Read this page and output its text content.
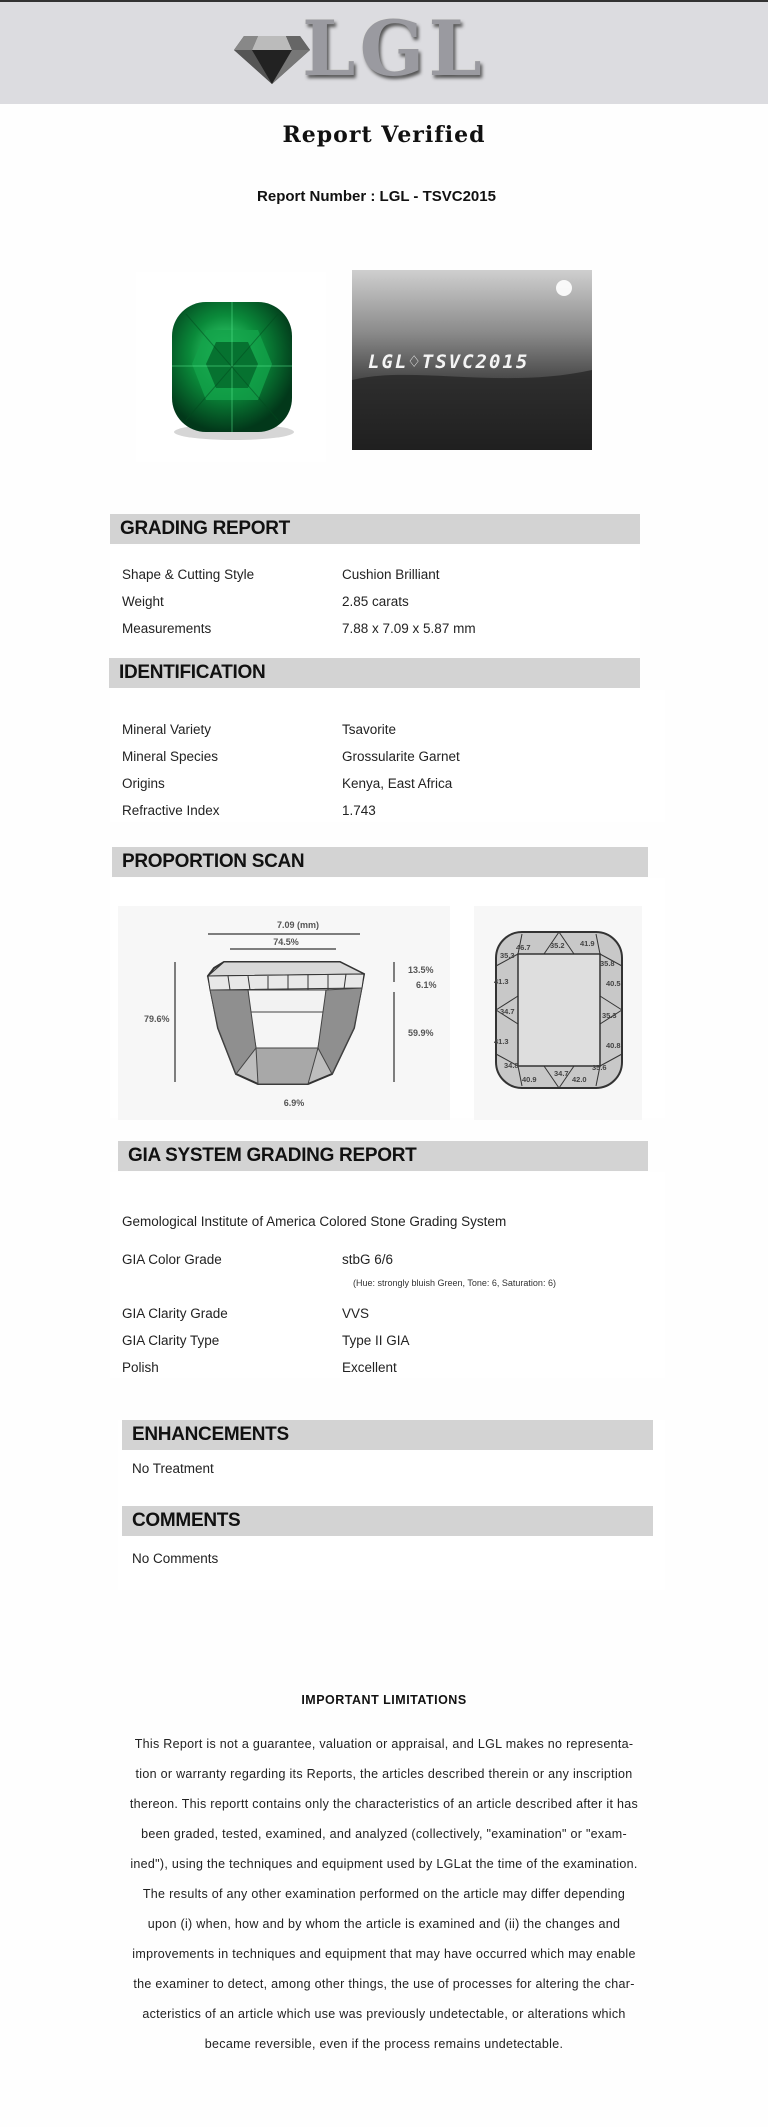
LGL
Report Verified
Report Number : LGL - TSVC2015
LGL♢TSVC2015
GRADING REPORT
Shape & Cutting Style	Cushion Brilliant
Weight	2.85 carats
Measurements	7.88 x 7.09 x 5.87 mm
IDENTIFICATION
Mineral Variety	Tsavorite
Mineral Species	Grossularite Garnet
Origins	Kenya, East Africa
Refractive Index	1.743
PROPORTION SCAN
7.09 (mm)
74.5%
79.6%
13.5%
6.1%
59.9%
6.9%
46.7	35.2 41.9
35.3
35.8
40.5
41.3
34.7	35.3
41.3	40.8
34.8
40.9
34.7
42.0
35.6
GIA SYSTEM GRADING REPORT
Gemological Institute of America Colored Stone Grading System
GIA Color Grade	stbG 6/6
(Hue: strongly bluish Green, Tone: 6, Saturation: 6)
GIA Clarity Grade	VVS
GIA Clarity Type	Type II GIA
Polish	Excellent
ENHANCEMENTS
No Treatment
COMMENTS
No Comments
IMPORTANT LIMITATIONS
This Report is not a guarantee, valuation or appraisal, and LGL makes no representa-
tion or warranty regarding its Reports, the articles described therein or any inscription
thereon. This reportt contains only the characteristics of an article described after it has
been graded, tested, examined, and analyzed (collectively, "examination" or "exam-
ined"), using the techniques and equipment used by LGLat the time of the examination.
The results of any other examination performed on the article may differ depending
upon (i) when, how and by whom the article is examined and (ii) the changes and
improvements in techniques and equipment that may have occurred which may enable
the examiner to detect, among other things, the use of processes for altering the char-
acteristics of an article which use was previously undetectable, or alterations which
became reversible, even if the process remains undetectable.
